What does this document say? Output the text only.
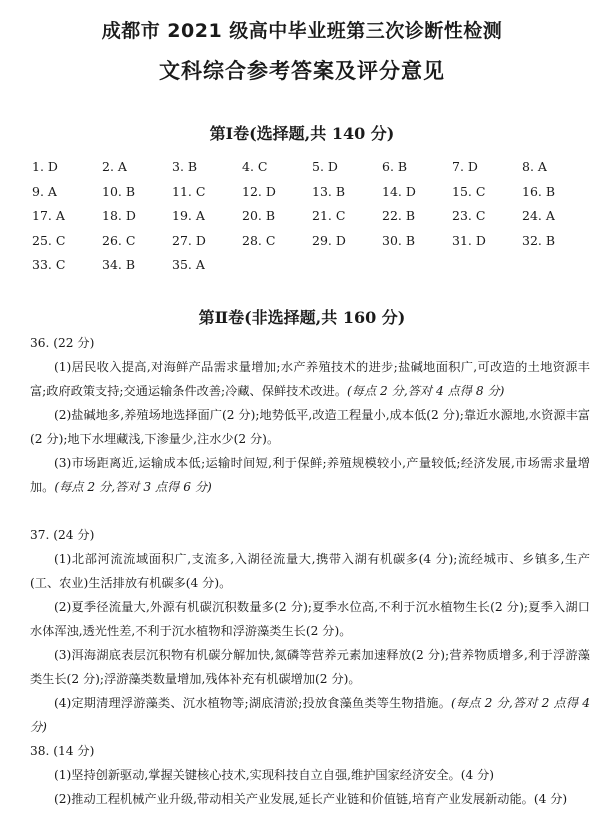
成都市 2021 级高中毕业班第三次诊断性检测
文科综合参考答案及评分意见
第Ⅰ卷(选择题,共 140 分)
1. D	2. A	3. B	4. C	5. D	6. B	7. D	8. A
9. A	10. B	11. C	12. D	13. B	14. D	15. C	16. B
17. A	18. D	19. A	20. B	21. C	22. B	23. C	24. A
25. C	26. C	27. D	28. C	29. D	30. B	31. D	32. B
33. C	34. B	35. A
第Ⅱ卷(非选择题,共 160 分)
36. (22 分)
(1)居民收入提高,对海鲜产品需求量增加;水产养殖技术的进步;盐碱地面积广,可改造的土地资源丰富;政府政策支持;交通运输条件改善;冷藏、保鲜技术改进。(每点 2 分,答对 4 点得 8 分)
(2)盐碱地多,养殖场地选择面广(2 分);地势低平,改造工程量小,成本低(2 分);靠近水源地,水资源丰富(2 分);地下水埋藏浅,下渗量少,注水少(2 分)。
(3)市场距离近,运输成本低;运输时间短,利于保鲜;养殖规模较小,产量较低;经济发展,市场需求量增加。(每点 2 分,答对 3 点得 6 分)
37. (24 分)
(1)北部河流流域面积广,支流多,入湖径流量大,携带入湖有机碳多(4 分);流经城市、乡镇多,生产(工、农业)生活排放有机碳多(4 分)。
(2)夏季径流量大,外源有机碳沉积数量多(2 分);夏季水位高,不利于沉水植物生长(2 分);夏季入湖口水体浑浊,透光性差,不利于沉水植物和浮游藻类生长(2 分)。
(3)洱海湖底表层沉积物有机碳分解加快,氮磷等营养元素加速释放(2 分);营养物质增多,利于浮游藻类生长(2 分);浮游藻类数量增加,残体补充有机碳增加(2 分)。
(4)定期清理浮游藻类、沉水植物等;湖底清淤;投放食藻鱼类等生物措施。(每点 2 分,答对 2 点得 4 分)
38. (14 分)
(1)坚持创新驱动,掌握关键核心技术,实现科技自立自强,维护国家经济安全。(4 分)
(2)推动工程机械产业升级,带动相关产业发展,延长产业链和价值链,培育产业发展新动能。(4 分)
